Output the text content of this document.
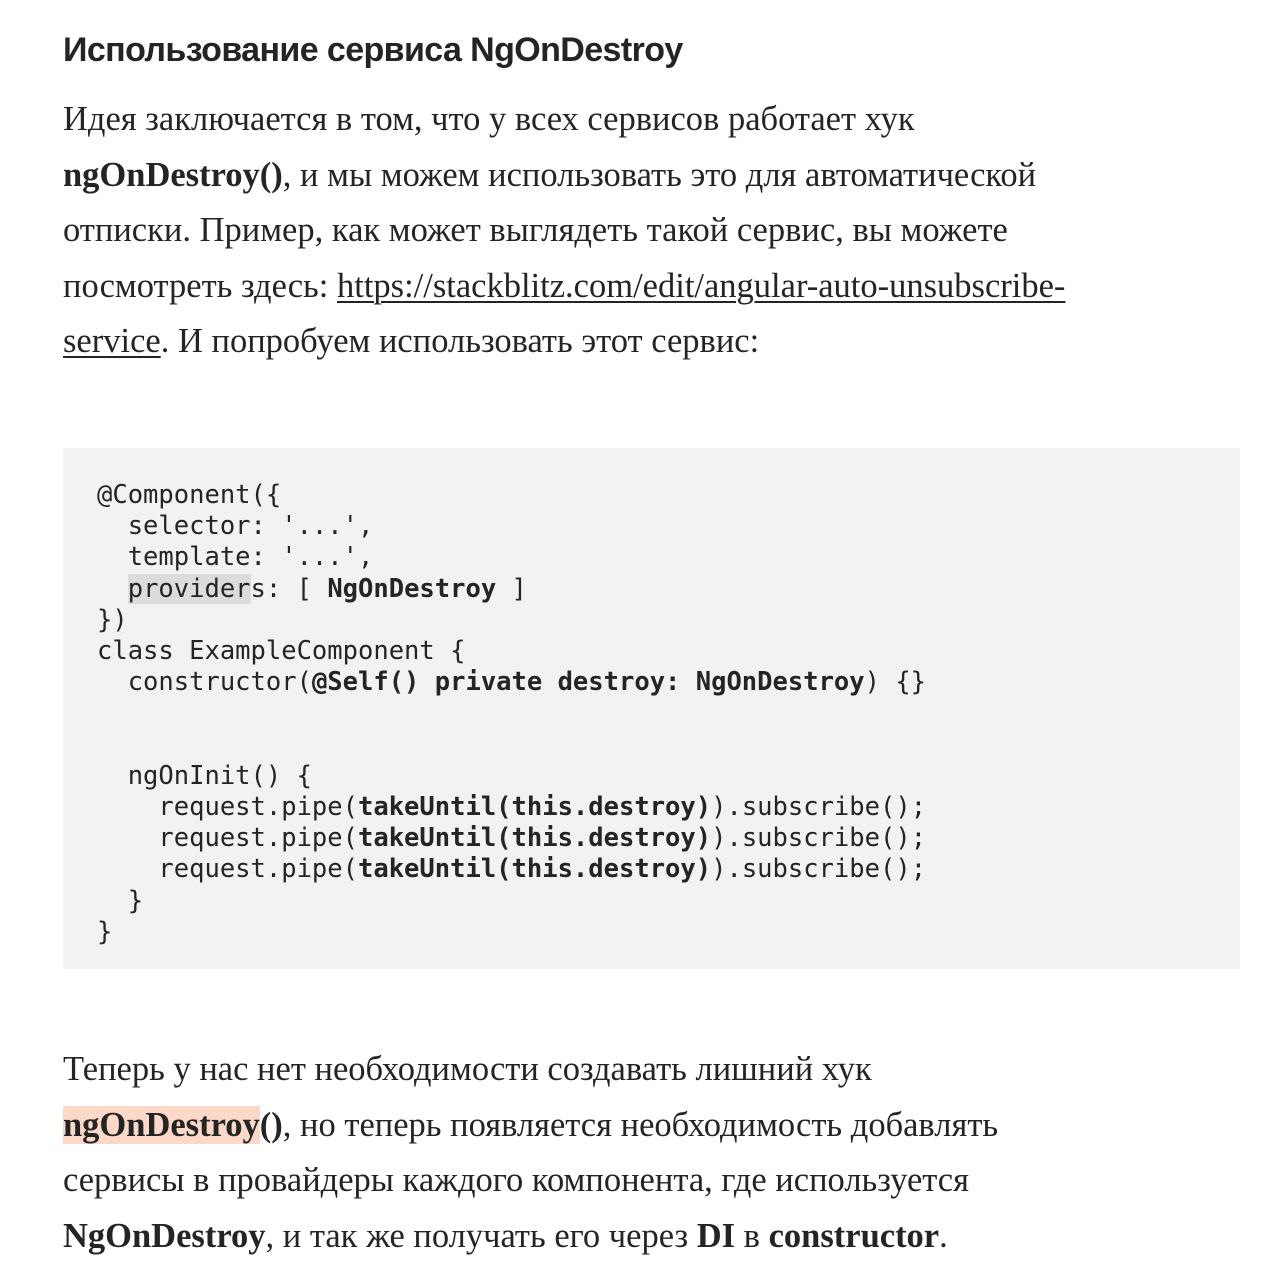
Использование сервиса NgOnDestroy

Идея заключается в том, что у всех сервисов работает хук
ngOnDestroy(), и мы можем использовать это для автоматической
отписки. Пример, как может выглядеть такой сервис, вы можете
посмотреть здесь: https://stackblitz.com/edit/angular-auto-unsubscribe-
service. И попробуем использовать этот сервис:

@Component({
selector: '...',
template: '...',
providers: [ NgOnDestroy ]
})
class ExampleComponent {
constructor(@Self() private destroy: NgOnDestroy) {}

ngOnInit() {
request.pipe(takeUntil(this.destroy)).subscribe();
request.pipe(takeUntil(this.destroy)).subscribe();
request.pipe(takeUntil(this.destroy)).subscribe();
}
}

Теперь у нас нет необходимости создавать лишний хук
ngOnDestroy(), но теперь появляется необходимость добавлять
сервисы в провайдеры каждого компонента, где используется
NgOnDestroy, и так же получать его через DI в constructor.
